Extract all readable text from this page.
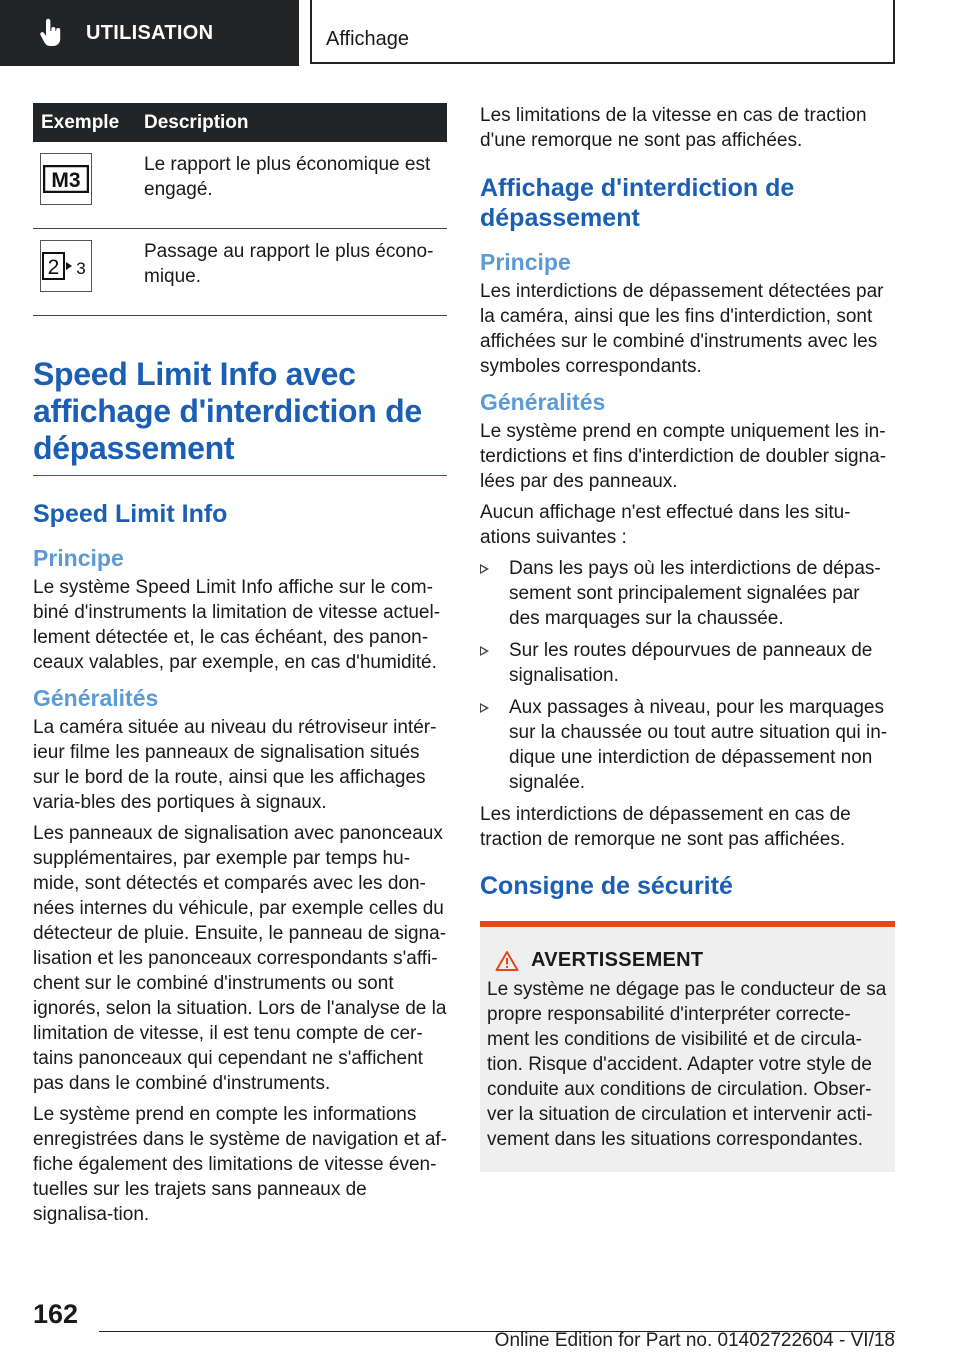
UTILISATION	Affichage
Exemple	Description

M3	Le rapport le plus économique est engagé.

2 3	Passage au rapport le plus écono-mique.
Speed Limit Info avec affichage d'interdiction de dépassement
Speed Limit Info
Principe

Le système Speed Limit Info affiche sur le com-biné d'instruments la limitation de vitesse actuel-lement détectée et, le cas échéant, des panon-ceaux valables, par exemple, en cas d'humidité.

Généralités

La caméra située au niveau du rétroviseur intér-ieur filme les panneaux de signalisation situés sur le bord de la route, ainsi que les affichages varia-bles des portiques à signaux.

Les panneaux de signalisation avec panonceaux supplémentaires, par exemple par temps hu-mide, sont détectés et comparés avec les don-nées internes du véhicule, par exemple celles du détecteur de pluie. Ensuite, le panneau de signa-lisation et les panonceaux correspondants s'affi-chent sur le combiné d'instruments ou sont ignorés, selon la situation. Lors de l'analyse de la limitation de vitesse, il est tenu compte de cer-tains panonceaux qui cependant ne s'affichent pas dans le combiné d'instruments.

Le système prend en compte les informations enregistrées dans le système de navigation et af-fiche également des limitations de vitesse éven-tuelles sur les trajets sans panneaux de signalisa-tion.

Les limitations de la vitesse en cas de traction d'une remorque ne sont pas affichées.

Affichage d'interdiction de dépassement
Principe

Les interdictions de dépassement détectées par la caméra, ainsi que les fins d'interdiction, sont affichées sur le combiné d'instruments avec les symboles correspondants.

Généralités

Le système prend en compte uniquement les in-terdictions et fins d'interdiction de doubler signa-lées par des panneaux.

Aucun affichage n'est effectué dans les situ-ations suivantes :

Dans les pays où les interdictions de dépas-sement sont principalement signalées par des marquages sur la chaussée.
Sur les routes dépourvues de panneaux de signalisation.
Aux passages à niveau, pour les marquages sur la chaussée ou tout autre situation qui in-dique une interdiction de dépassement non signalée.

Les interdictions de dépassement en cas de traction de remorque ne sont pas affichées.

Consigne de sécurité
AVERTISSEMENT

Le système ne dégage pas le conducteur de sa propre responsabilité d'interpréter correcte-ment les conditions de visibilité et de circula-tion. Risque d'accident. Adapter votre style de conduite aux conditions de circulation. Obser-ver la situation de circulation et intervenir acti-vement dans les situations correspondantes.

162
Online Edition for Part no. 01402722604 - VI/18
